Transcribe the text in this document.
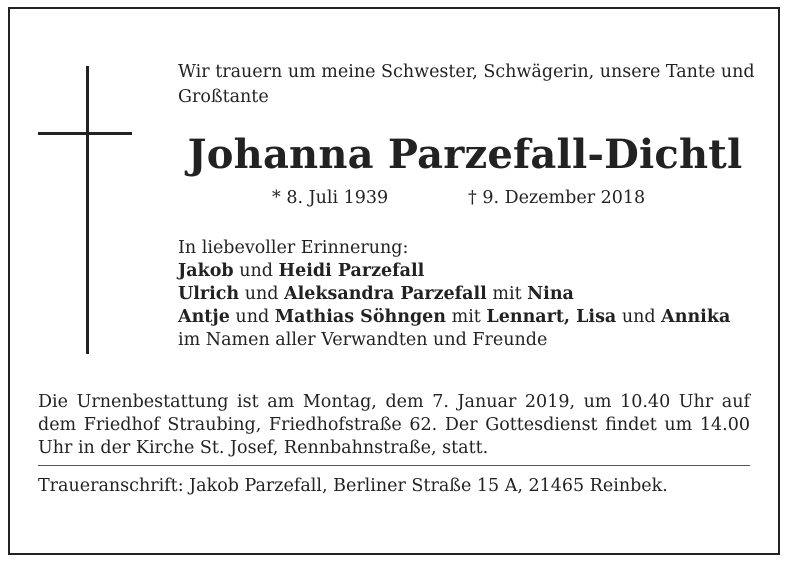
Wir trauern um meine Schwester, Schwägerin, unsere Tante und Großtante

Johanna Parzefall-Dichtl
* 8. Juli 1939	† 9. Dezember 2018
In liebevoller Erinnerung:
Jakob und Heidi Parzefall
Ulrich und Aleksandra Parzefall mit Nina
Antje und Mathias Söhngen mit Lennart, Lisa und Annika
im Namen aller Verwandten und Freunde

Die Urnenbestattung ist am Montag, dem 7. Januar 2019, um 10.40 Uhr auf dem Friedhof Straubing, Friedhofstraße 62. Der Gottesdienst findet um 14.00 Uhr in der Kirche St. Josef, Rennbahnstraße, statt.

Traueranschrift: Jakob Parzefall, Berliner Straße 15 A, 21465 Reinbek.
